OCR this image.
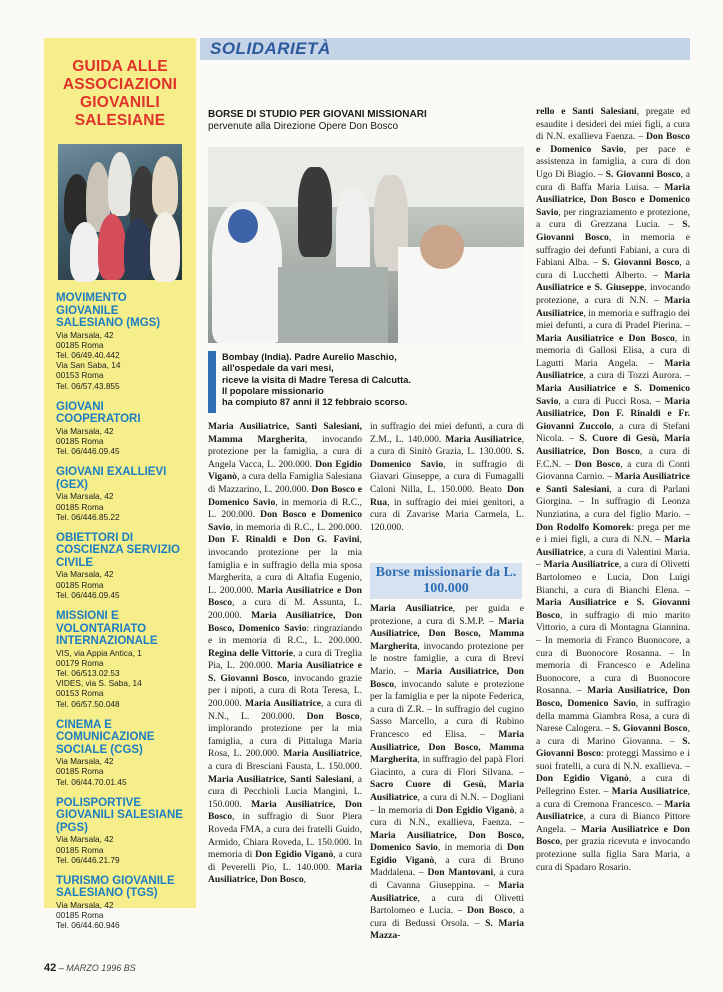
GUIDA ALLE ASSOCIAZIONI GIOVANILI SALESIANE
MOVIMENTO GIOVANILE SALESIANO (MGS)
Via Marsala, 42
00185 Roma
Tel. 06/49.40.442
Via San Saba, 14
00153 Roma
Tel. 06/57.43.855
GIOVANI COOPERATORI
Via Marsala, 42
00185 Roma
Tel. 06/446.09.45
GIOVANI EXALLIEVI (GEX)
Via Marsala, 42
00185 Roma
Tel. 06/446.85.22
OBIETTORI DI COSCIENZA SERVIZIO CIVILE
Via Marsala, 42
00185 Roma
Tel. 06/446.09.45
MISSIONI E VOLONTARIATO INTERNAZIONALE
VIS, via Appia Antica, 1
00179 Roma
Tel. 06/513.02.53
VIDES, via S. Saba, 14
00153 Roma
Tel. 06/57.50.048
CINEMA E COMUNICAZIONE SOCIALE (CGS)
Via Marsala, 42
00185 Roma
Tel. 06/44.70.01.45
POLISPORTIVE GIOVANILI SALESIANE (PGS)
Via Marsala, 42
00185 Roma
Tel. 06/446.21.79
TURISMO GIOVANILE SALESIANO (TGS)
Via Marsala, 42
00185 Roma
Tel. 06/44.60.946
SOLIDARIETÀ
BORSE DI STUDIO PER GIOVANI MISSIONARI
pervenute alla Direzione Opere Don Bosco
Bombay (India). Padre Aurelio Maschio,
all'ospedale da vari mesi,
riceve la visita di Madre Teresa di Calcutta.
Il popolare missionario
ha compiuto 87 anni il 12 febbraio scorso.
Maria Ausiliatrice, Santi Salesiani, Mamma Margherita, invocando protezione per la famiglia, a cura di Angela Vacca, L. 200.000. Don Egidio Viganò, a cura della Famiglia Salesiana di Mazzarino, L. 200.000. Don Bosco e Domenico Savio, in memoria di R.C., L. 200.000. Don Bosco e Domenico Savio, in memoria di R.C., L. 200.000. Don F. Rinaldi e Don G. Favini, invocando protezione per la mia famiglia e in suffragio della mia sposa Margherita, a cura di Altafia Eugenio, L. 200.000. Maria Ausiliatrice e Don Bosco, a cura di M. Assunta, L. 200.000. Maria Ausiliatrice, Don Bosco, Domenico Savio: ringraziando e in memoria di R.C., L. 200.000. Regina delle Vittorie, a cura di Treglia Pia, L. 200.000. Maria Ausiliatrice e S. Giovanni Bosco, invocando grazie per i nipoti, a cura di Rota Teresa, L. 200.000. Maria Ausiliatrice, a cura di N.N., L. 200.000. Don Bosco, implorando protezione per la mia famiglia, a cura di Pittaluga Maria Rosa, L. 200.000. Maria Ausiliatrice, a cura di Bresciani Fausta, L. 150.000. Maria Ausiliatrice, Santi Salesiani, a cura di Pecchioli Lucia Mangini, L. 150.000. Maria Ausiliatrice, Don Bosco, in suffragio di Suor Piera Roveda FMA, a cura dei fratelli Guido, Armido, Chiara Roveda, L. 150.000. In memoria di Don Egidio Viganò, a cura di Peverelli Pio, L. 140.000. Maria Ausiliatrice, Don Bosco,
in suffragio dei miei defunti, a cura di Z.M., L. 140.000. Maria Ausiliatrice, a cura di Sinitò Grazia, L. 130.000. S. Domenico Savio, in suffragio di Giavari Giuseppe, a cura di Fumagalli Caloni Nilla, L. 150.000. Beato Don Rua, in suffragio dei miei genitori, a cura di Zavarise Maria Carmela, L. 120.000.
Borse missionarie da L. 100.000
Maria Ausiliatrice, per guida e protezione, a cura di S.M.P. – Maria Ausiliatrice, Don Bosco, Mamma Margherita, invocando protezione per le nostre famiglie, a cura di Brevi Mario. – Maria Ausiliatrice, Don Bosco, invocando salute e protezione per la famiglia e per la nipote Federica, a cura di Z.R. – In suffragio del cugino Sasso Marcello, a cura di Rubino Francesco ed Elisa. – Maria Ausiliatrice, Don Bosco, Mamma Margherita, in suffragio del papà Flori Giacinto, a cura di Flori Silvana. – Sacro Cuore di Gesù, Maria Ausiliatrice, a cura di N.N. – Dogliani – In memoria di Don Egidio Viganò, a cura di N.N., exallieva, Faenza. – Maria Ausiliatrice, Don Bosco, Domenico Savio, in memoria di Don Egidio Viganò, a cura di Bruno Maddalena. – Don Mantovani, a cura di Cavanna Giuseppina. – Maria Ausiliatrice, a cura di Olivetti Bartolomeo e Lucia. – Don Bosco, a cura di Bedussi Orsola. – S. Maria Mazza-
rello e Santi Salesiani, pregate ed esaudite i desideri dei miei figli, a cura di N.N. exallieva Faenza. – Don Bosco e Domenico Savio, per pace e assistenza in famiglia, a cura di don Ugo Di Biagio. – S. Giovanni Bosco, a cura di Baffa Maria Luisa. – Maria Ausiliatrice, Don Bosco e Domenico Savio, per ringraziamento e protezione, a cura di Grezzana Lucia. – S. Giovanni Bosco, in memoria e suffragio dei defunti Fabiani, a cura di Fabiani Alba. – S. Giovanni Bosco, a cura di Lucchetti Alberto. – Maria Ausiliatrice e S. Giuseppe, invocando protezione, a cura di N.N. – Maria Ausiliatrice, in memoria e suffragio dei miei defunti, a cura di Pradel Pierina. – Maria Ausiliatrice e Don Bosco, in memoria di Gallosi Elisa, a cura di Lagutti Maria Angela. – Maria Ausiliatrice, a cura di Tozzi Aurora. – Maria Ausiliatrice e S. Domenico Savio, a cura di Pucci Rosa. – Maria Ausiliatrice, Don F. Rinaldi e Fr. Giovanni Zuccolo, a cura di Stefani Nicola. – S. Cuore di Gesù, Maria Ausiliatrice, Don Bosco, a cura di F.C.N. – Don Bosco, a cura di Conti Giovanna Carnio. – Maria Ausiliatrice e Santi Salesiani, a cura di Parlani Giorgina. – In suffragio di Leonza Nunziatina, a cura del figlio Mario. – Don Rodolfo Komorek: prega per me e i miei figli, a cura di N.N. – Maria Ausiliatrice, a cura di Valentini Maria. – Maria Ausiliatrice, a cura di Olivetti Bartolomeo e Lucia, Don Luigi Bianchi, a cura di Bianchi Elena. – Maria Ausiliatrice e S. Giovanni Bosco, in suffragio di mio marito Vittorio, a cura di Montagna Giannina. – In memoria di Franco Buonocore, a cura di Buonocore Rosanna. – In memoria di Francesco e Adelina Buonocore, a cura di Buonocore Rosanna. – Maria Ausiliatrice, Don Bosco, Domenico Savio, in suffragio della mamma Giambra Rosa, a cura di Narese Calogera. – S. Giovanni Bosco, a cura di Marino Giovanna. – S. Giovanni Bosco: proteggi Massimo e i suoi fratelli, a cura di N.N. exallieva. – Don Egidio Viganò, a cura di Pellegrino Ester. – Maria Ausiliatrice, a cura di Cremona Francesco. – Maria Ausiliatrice, a cura di Bianco Pittore Angela. – Maria Ausiliatrice e Don Bosco, per grazia ricevuta e invocando protezione sulla figlia Sara Maria, a cura di Spadaro Rosario.
42 – MARZO 1996 BS
